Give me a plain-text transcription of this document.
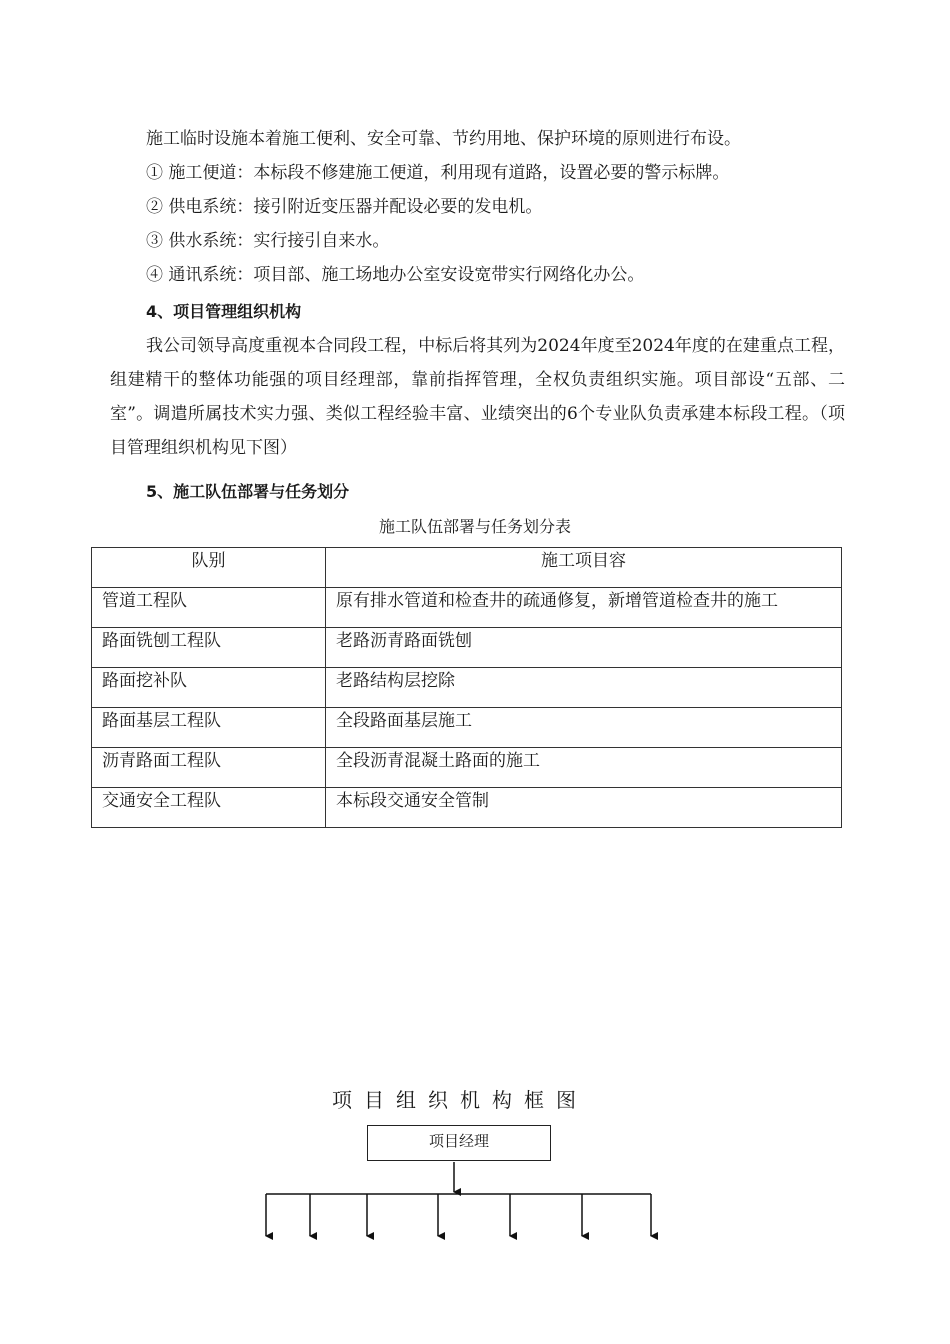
施工临时设施本着施工便利、安全可靠、节约用地、保护环境的原则进行布设。

① 施工便道：本标段不修建施工便道，利用现有道路，设置必要的警示标牌。

② 供电系统：接引附近变压器并配设必要的发电机。

③ 供水系统：实行接引自来水。

④ 通讯系统：项目部、施工场地办公室安设宽带实行网络化办公。

4、项目管理组织机构

我公司领导高度重视本合同段工程，中标后将其列为2024年度至2024年度的在建重点工程，组建精干的整体功能强的项目经理部，靠前指挥管理，全权负责组织实施。项目部设“五部、二室”。调遣所属技术实力强、类似工程经验丰富、业绩突出的6个专业队负责承建本标段工程。（项目管理组织机构见下图）

5、施工队伍部署与任务划分

施工队伍部署与任务划分表
队别	施工项目容
管道工程队	原有排水管道和检查井的疏通修复，新增管道检查井的施工
路面铣刨工程队	老路沥青路面铣刨
路面挖补队	老路结构层挖除
路面基层工程队	全段路面基层施工
沥青路面工程队	全段沥青混凝土路面的施工
交通安全工程队	本标段交通安全管制
项目组织机构框图
项目经理
